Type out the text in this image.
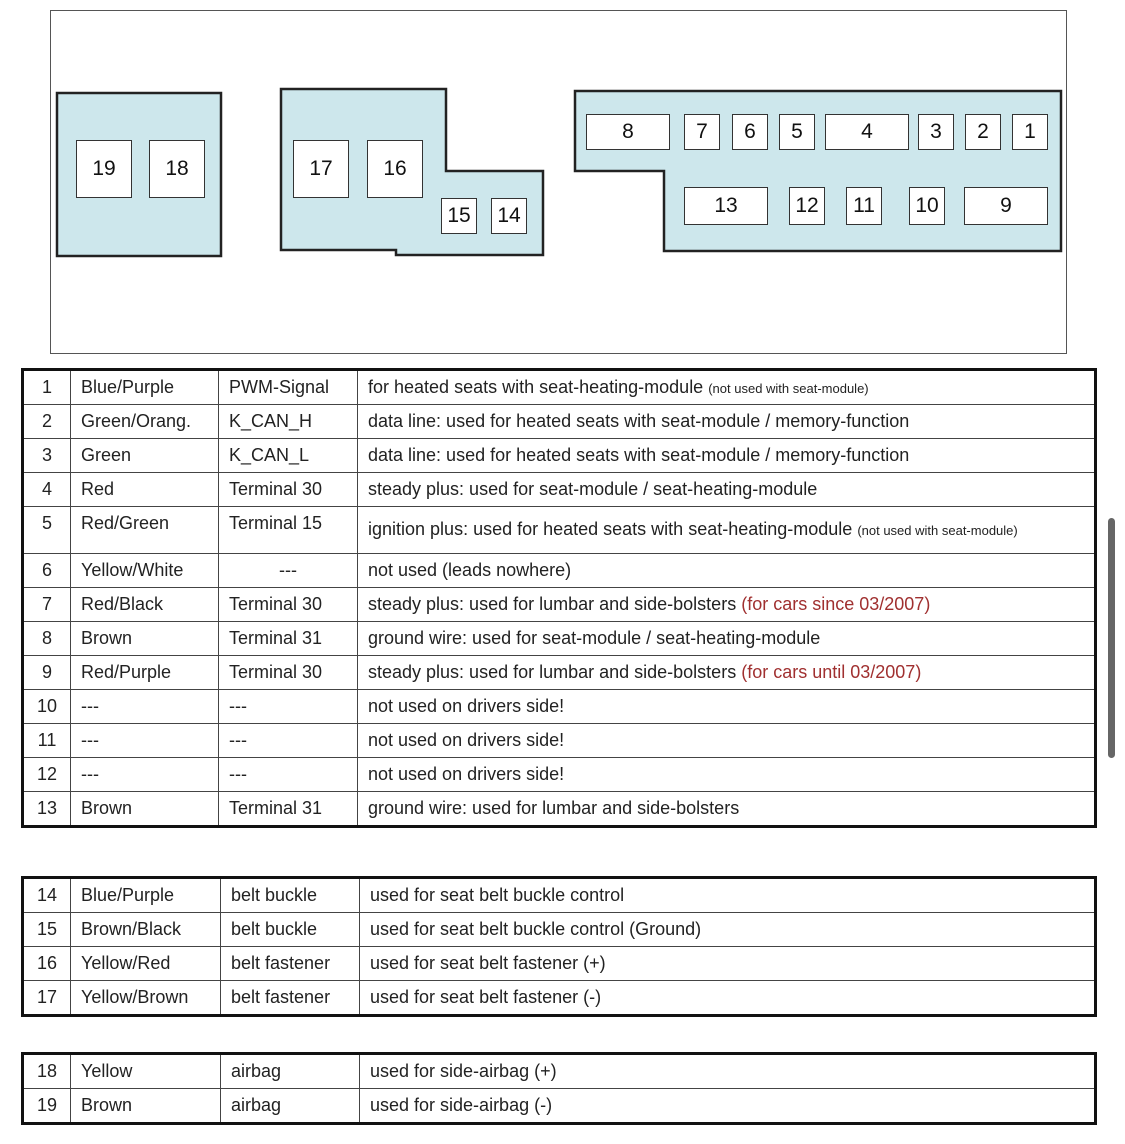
19	18	17	16
15	14
8	7	6	5	4	3	2	1
13	12	11	10	9
1	Blue/Purple	PWM-Signal	for heated seats with seat-heating-module (not used with seat-module)
2	Green/Orang.	K_CAN_H	data line: used for heated seats with seat-module / memory-function
3	Green	K_CAN_L	data line: used for heated seats with seat-module / memory-function
4	Red	Terminal 30	steady plus: used for seat-module / seat-heating-module
5	Red/Green	Terminal 15	ignition plus: used for heated seats with seat-heating-module (not used with seat-module)
6	Yellow/White	---	not used (leads nowhere)
7	Red/Black	Terminal 30	steady plus: used for lumbar and side-bolsters (for cars since 03/2007)
8	Brown	Terminal 31	ground wire: used for seat-module / seat-heating-module
9	Red/Purple	Terminal 30	steady plus: used for lumbar and side-bolsters (for cars until 03/2007)
10	---	---	not used on drivers side!
11	---	---	not used on drivers side!
12	---	---	not used on drivers side!
13	Brown	Terminal 31	ground wire: used for lumbar and side-bolsters
14	Blue/Purple	belt buckle	used for seat belt buckle control
15	Brown/Black	belt buckle	used for seat belt buckle control (Ground)
16	Yellow/Red	belt fastener	used for seat belt fastener (+)
17	Yellow/Brown	belt fastener	used for seat belt fastener (-)
18	Yellow	airbag	used for side-airbag (+)
19	Brown	airbag	used for side-airbag (-)
